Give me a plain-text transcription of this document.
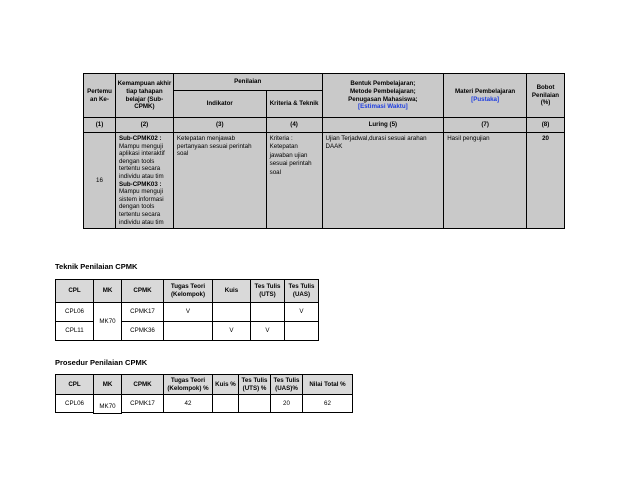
Pertemu an Ke-	Kemampuan akhir tiap tahapan belajar (Sub-CPMK)	Penilaian		Bentuk Pembelajaran;
Metode Pembelajaran;
Penugasan Mahasiswa;
[Estimasi Waktu]	Materi Pembelajaran
[Pustaka]	Bobot Penilaian (%)
		Indikator	Kriteria & Teknik			
(1)	(2)	(3)	(4)	Luring (5)	(7)	(8)
16	Sub-CPMK02 :
Mampu menguji aplikasi interaktif dengan tools tertentu secara individu atau tim
Sub-CPMK03 :
Mampu menguji sistem informasi dengan tools tertentu secara individu atau tim	Ketepatan menjawab pertanyaan sesuai perintah soal	Kriteria : Ketepatan jawaban ujian sesuai perintah soal	Ujian Terjadwal,durasi sesuai arahan DAAK	Hasil pengujian	20
Teknik Penilaian CPMK
CPL	MK	CPMK	Tugas Teori (Kelompok)	Kuis	Tes Tulis (UTS)	Tes Tulis (UAS)
CPL06	MK70	CPMK17	V			V
CPL11		CPMK36		V	V	
Prosedur Penilaian CPMK
CPL	MK	CPMK	Tugas Teori (Kelompok) %	Kuis %	Tes Tulis (UTS) %	Tes Tulis (UAS)%	Nilai Total %
CPL06	MK70	CPMK17	42			20	62
